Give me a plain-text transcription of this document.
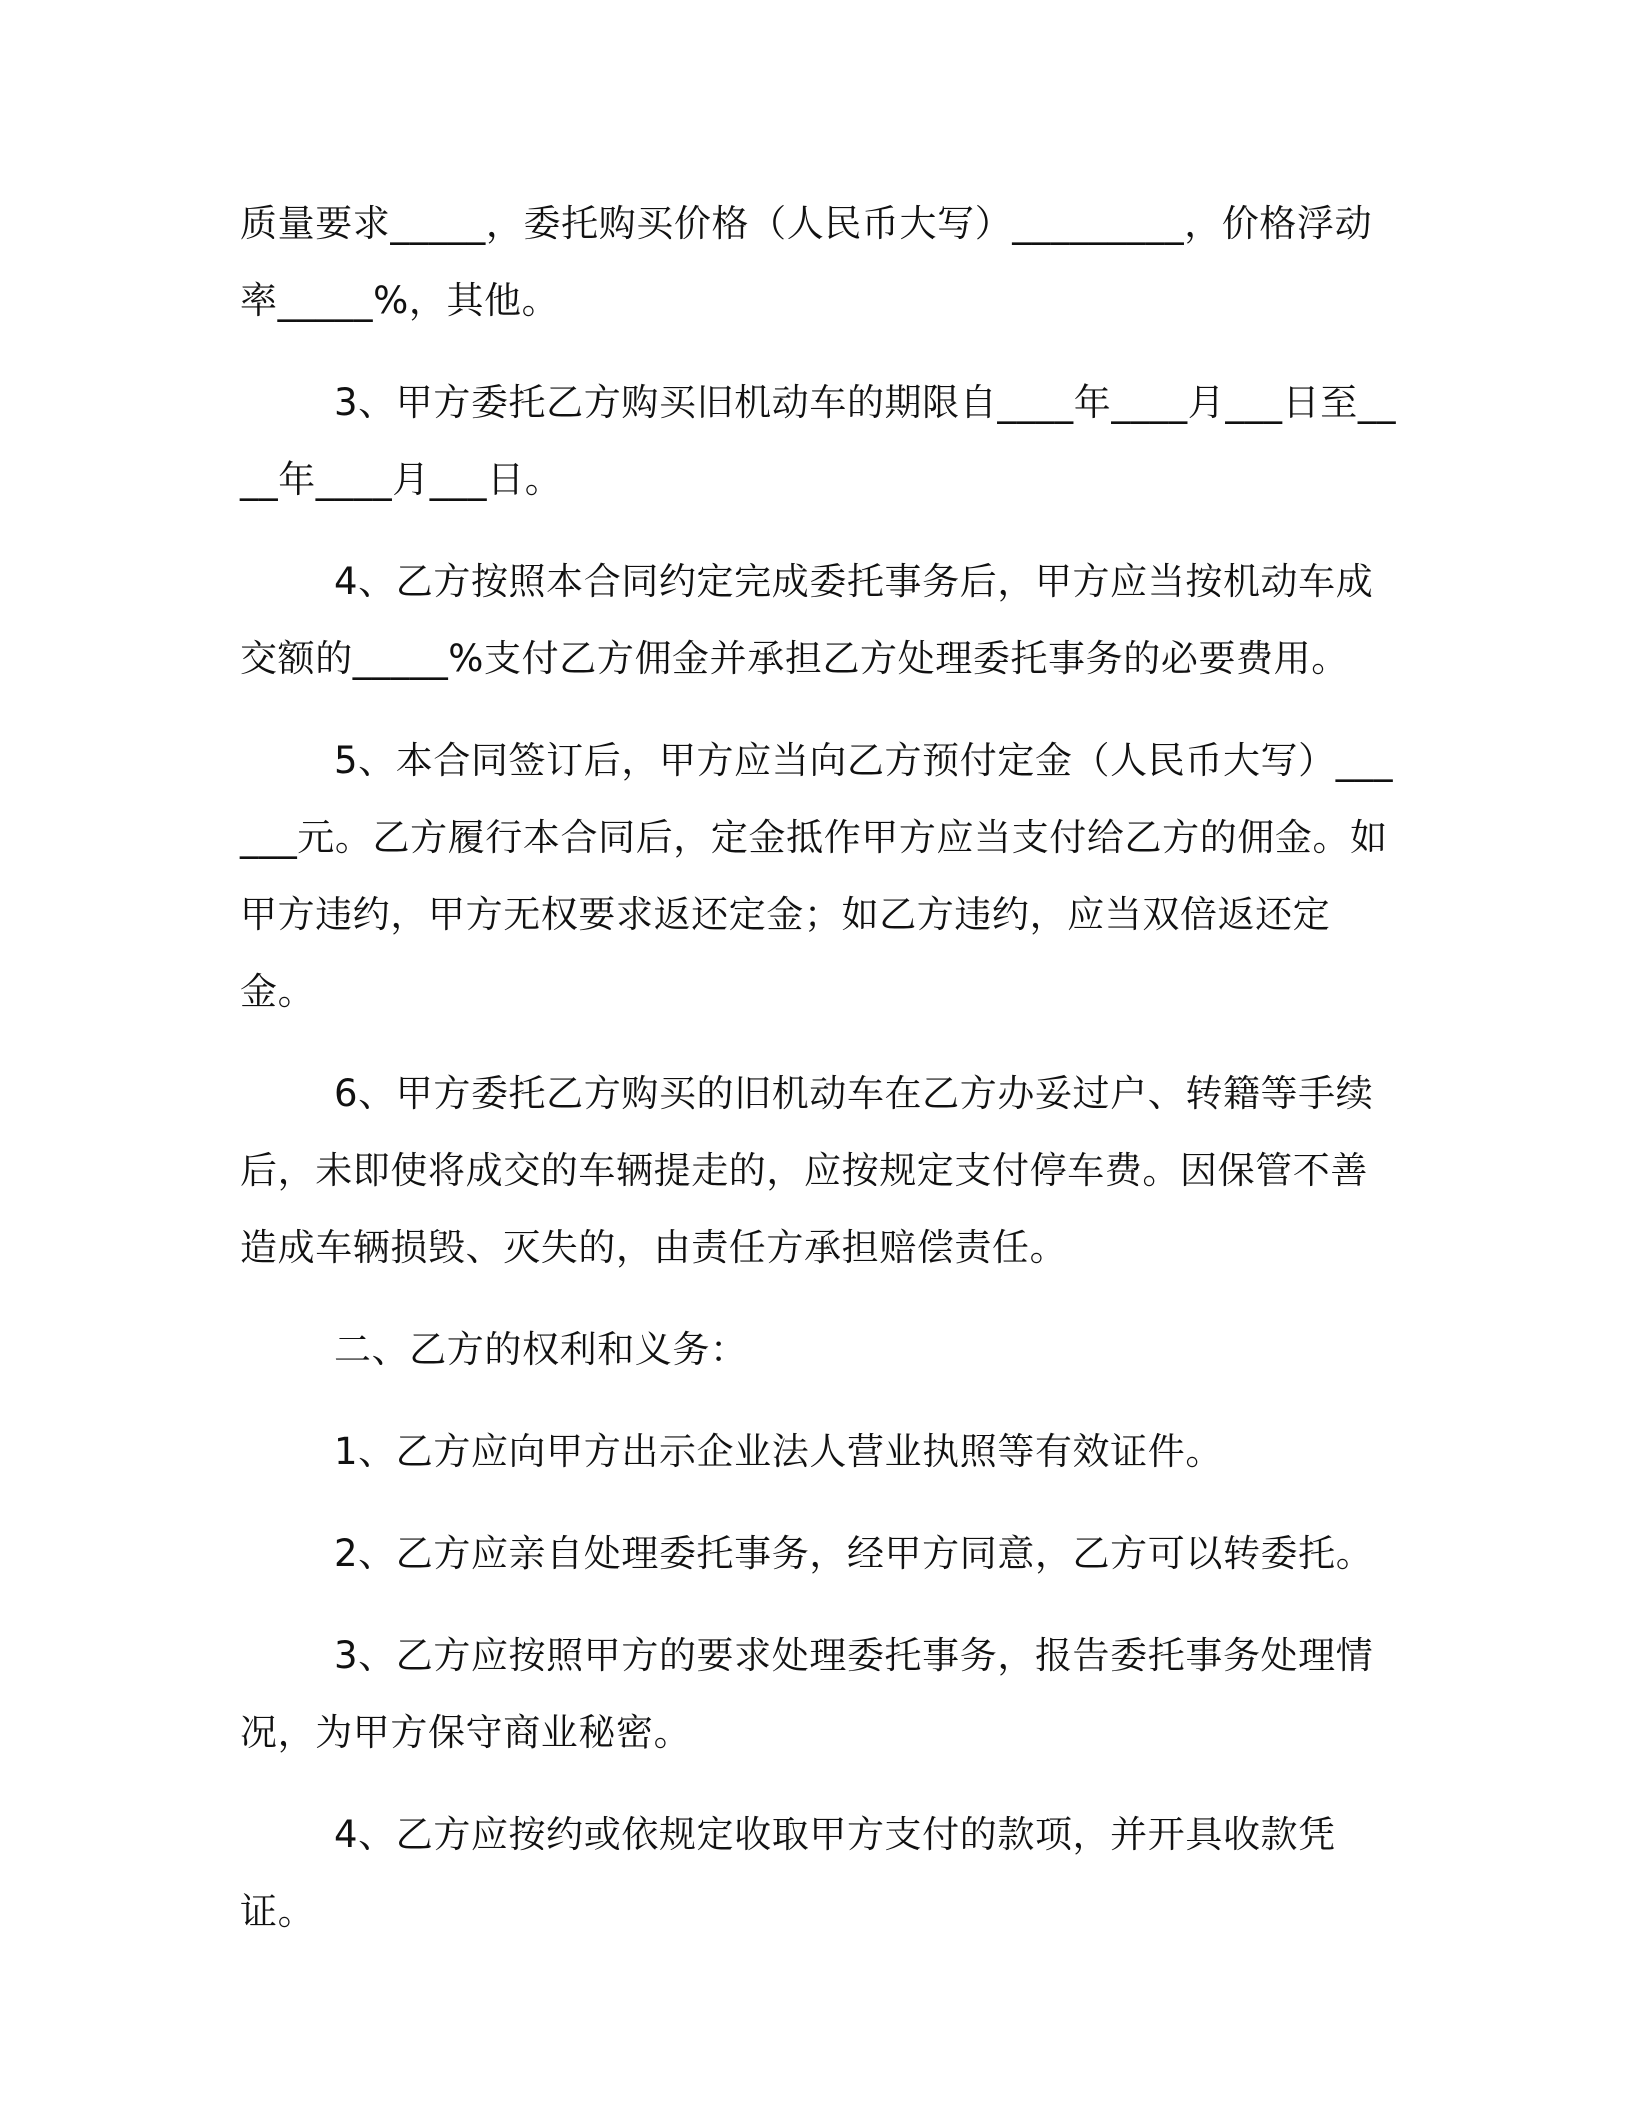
质量要求_____，委托购买价格（人民币大写）_________，价格浮动率_____%，其他。

3、甲方委托乙方购买旧机动车的期限自____年____月___日至____年____月___日。

4、乙方按照本合同约定完成委托事务后，甲方应当按机动车成交额的_____%支付乙方佣金并承担乙方处理委托事务的必要费用。

5、本合同签订后，甲方应当向乙方预付定金（人民币大写）______元。乙方履行本合同后，定金抵作甲方应当支付给乙方的佣金。如甲方违约，甲方无权要求返还定金；如乙方违约，应当双倍返还定金。

6、甲方委托乙方购买的旧机动车在乙方办妥过户、转籍等手续后，未即使将成交的车辆提走的，应按规定支付停车费。因保管不善造成车辆损毁、灭失的，由责任方承担赔偿责任。

二、乙方的权利和义务：

1、乙方应向甲方出示企业法人营业执照等有效证件。

2、乙方应亲自处理委托事务，经甲方同意，乙方可以转委托。

3、乙方应按照甲方的要求处理委托事务，报告委托事务处理情况，为甲方保守商业秘密。

4、乙方应按约或依规定收取甲方支付的款项，并开具收款凭证。
